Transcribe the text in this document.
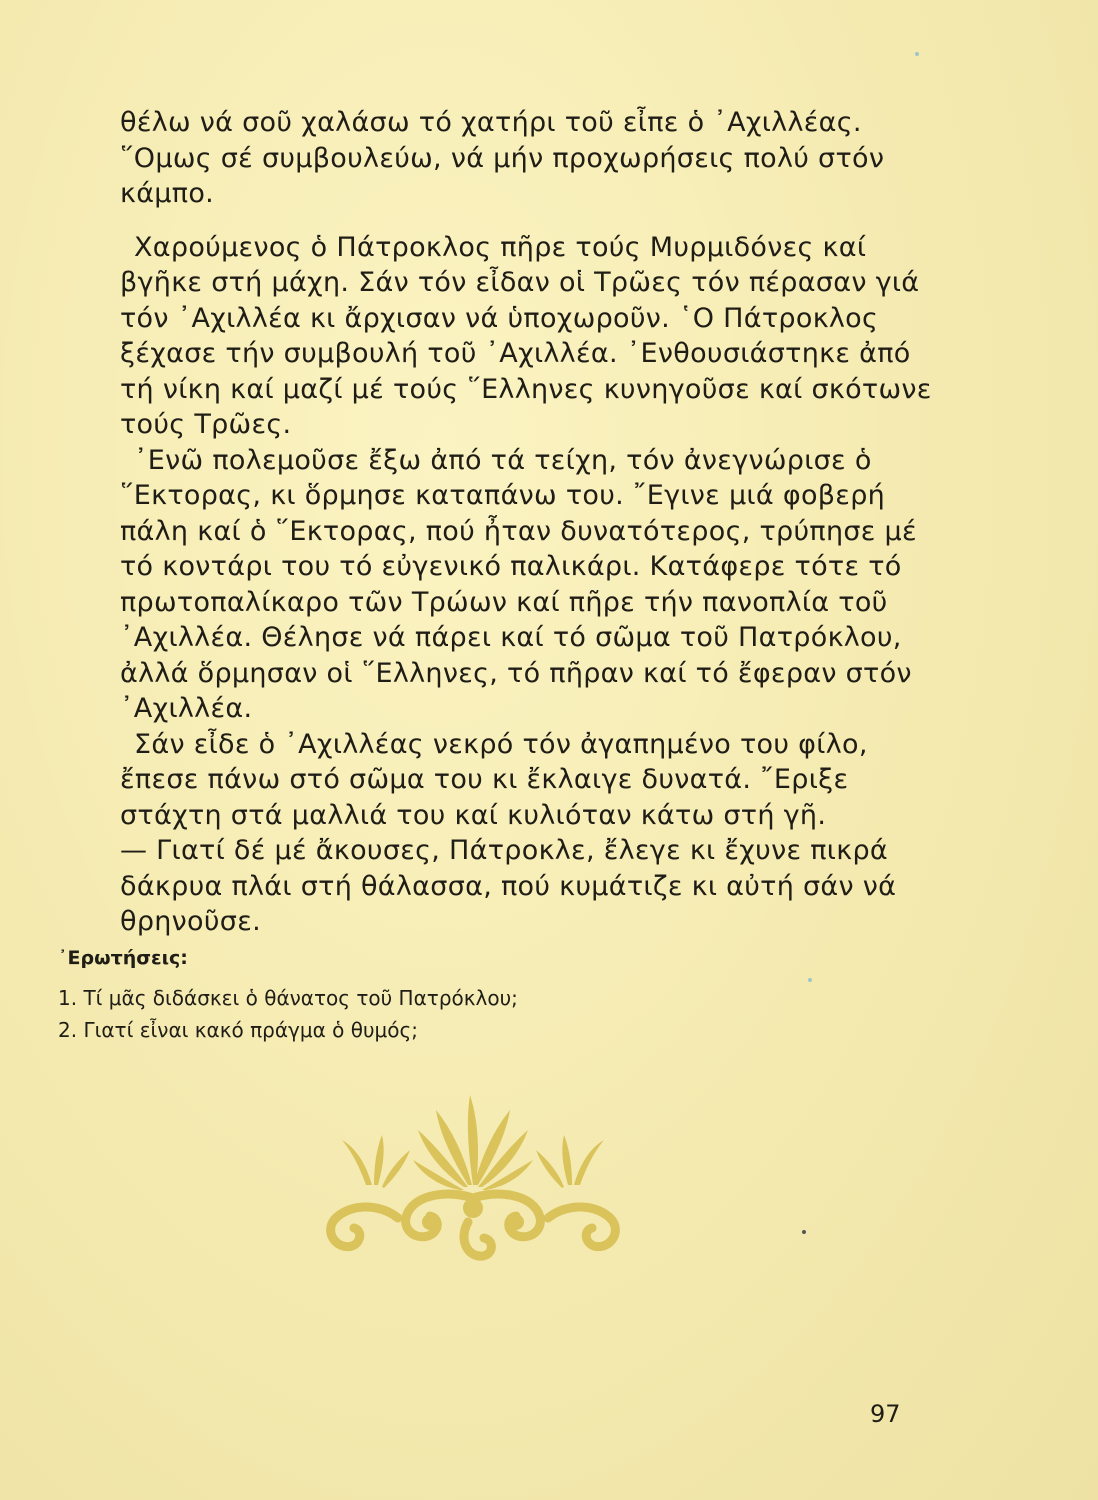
θέλω νά σοῦ χαλάσω τό χατήρι τοῦ εἶπε ὁ ᾿Αχιλλέας.
῞Ομως σέ συμβουλεύω, νά μήν προχωρήσεις πολύ στόν
κάμπο.
Χαρούμενος ὁ Πάτροκλος πῆρε τούς Μυρμιδόνες καί
βγῆκε στή μάχη. Σάν τόν εἶδαν οἱ Τρῶες τόν πέρασαν γιά
τόν ᾿Αχιλλέα κι ἄρχισαν νά ὑποχωροῦν. ῾Ο Πάτροκλος
ξέχασε τήν συμβουλή τοῦ ᾿Αχιλλέα. ᾿Ενθουσιάστηκε ἀπό
τή νίκη καί μαζί μέ τούς ῞Ελληνες κυνηγοῦσε καί σκότωνε
τούς Τρῶες.
᾿Ενῶ πολεμοῦσε ἔξω ἀπό τά τείχη, τόν ἀνεγνώρισε ὁ
῞Εκτορας, κι ὅρμησε καταπάνω του. ῎Εγινε μιά φοβερή
πάλη καί ὁ ῞Εκτορας, πού ἦταν δυνατότερος, τρύπησε μέ
τό κοντάρι του τό εὐγενικό παλικάρι. Κατάφερε τότε τό
πρωτοπαλίκαρο τῶν Τρώων καί πῆρε τήν πανοπλία τοῦ
᾿Αχιλλέα. Θέλησε νά πάρει καί τό σῶμα τοῦ Πατρόκλου,
ἀλλά ὅρμησαν οἱ ῞Ελληνες, τό πῆραν καί τό ἔφεραν στόν
᾿Αχιλλέα.
Σάν εἶδε ὁ ᾿Αχιλλέας νεκρό τόν ἀγαπημένο του φίλο,
ἔπεσε πάνω στό σῶμα του κι ἔκλαιγε δυνατά. ῎Εριξε
στάχτη στά μαλλιά του καί κυλιόταν κάτω στή γῆ.
— Γιατί δέ μέ ἄκουσες, Πάτροκλε, ἔλεγε κι ἔχυνε πικρά
δάκρυα πλάι στή θάλασσα, πού κυμάτιζε κι αὐτή σάν νά
θρηνοῦσε.
᾿Ερωτήσεις:
1. Τί μᾶς διδάσκει ὁ θάνατος τοῦ Πατρόκλου;
2. Γιατί εἶναι κακό πράγμα ὁ θυμός;
97
